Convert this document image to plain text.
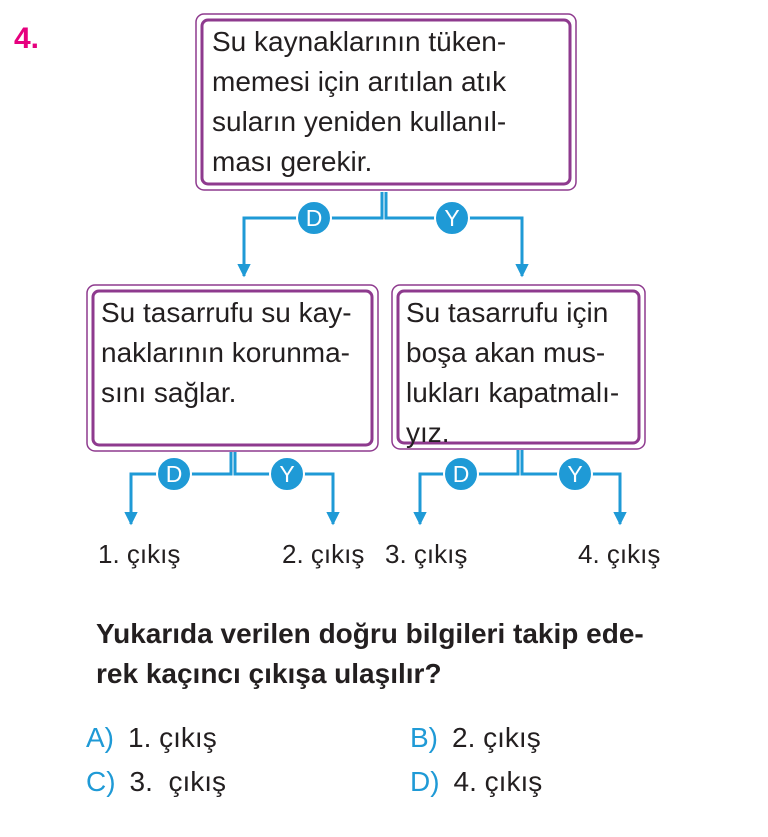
4.
D	Y
D	Y	D	Y

Su kaynaklarının tüken-
memesi için arıtılan atık
suların yeniden kullanıl-
ması gerekir.

Su tasarrufu su kay-
naklarının korunma-
sını sağlar.

Su tasarrufu için
boşa akan mus-
lukları kapatmalı-
yız.

1. çıkış	2. çıkış 3. çıkış	4. çıkış

Yukarıda verilen doğru bilgileri takip ede-
rek kaçıncı çıkışa ulaşılır?

A) 1. çıkış	B) 2. çıkış
C) 3.  çıkış	D) 4. çıkış
